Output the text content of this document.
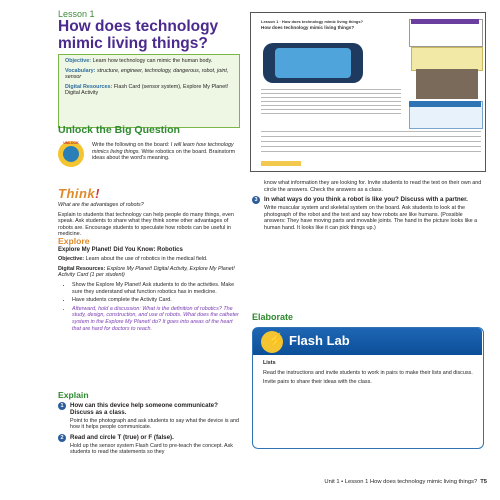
Lesson 1
How does technology mimic living things?

Objective: Learn how technology can mimic the human body.

Vocabulary: structure, engineer, technology, dangerous, robot, joint, sensor

Digital Resources: Flash Card (sensor system), Explore My Planet! Digital Activity

Lesson 1 · How does technology mimic living things?
How does technology mimic living things?
Unlock the Big Question
UNLOCK	Write the following on the board: I will learn how technology mimics living things. Write robotics on the board. Brainstorm ideas about the word's meaning.
Think!

What are the advantages of robots?

Explain to students that technology can help people do many things, even speak. Ask students to share what they think some other advantages of robots are. Encourage students to speculate how robots can be useful in medicine.

Explore

Explore My Planet! Did You Know: Robotics

Objective: Learn about the use of robotics in the medical field.

Digital Resources: Explore My Planet! Digital Activity, Explore My Planet! Activity Card (1 per student)

• Show the Explore My Planet! Ask students to do the activities. Make sure they understand what function robotics has in medicine.
• Have students complete the Activity Card.
• Afterward, hold a discussion: What is the definition of robotics? The study, design, construction, and use of robots. What does the catheter system in the Explore My Planet! do? It goes into areas of the heart that are hard for doctors to reach.
Explain
1	How can this device help someone communicate? Discuss as a class.

Point to the photograph and ask students to say what the device is and how it helps people communicate.

2	Read and circle T (true) or F (false).

Hold up the sensor system Flash Card to pre-teach the concept. Ask students to read the statements so they

know what information they are looking for. Invite students to read the text on their own and circle the answers. Check the answers as a class.

3	In what ways do you think a robot is like you? Discuss with a partner.

Write muscular system and skeletal system on the board. Ask students to look at the photograph of the robot and the text and say how robots are like humans. (Possible answers: They have moving parts and movable joints. The hand in the picture looks like a human hand. It looks like it can pick things up.)

Elaborate
⚡ Flash Lab

Lists

Read the instructions and invite students to work in pairs to make their lists and discuss.

Invite pairs to share their ideas with the class.

Unit 1 • Lesson 1 How does technology mimic living things? T5
